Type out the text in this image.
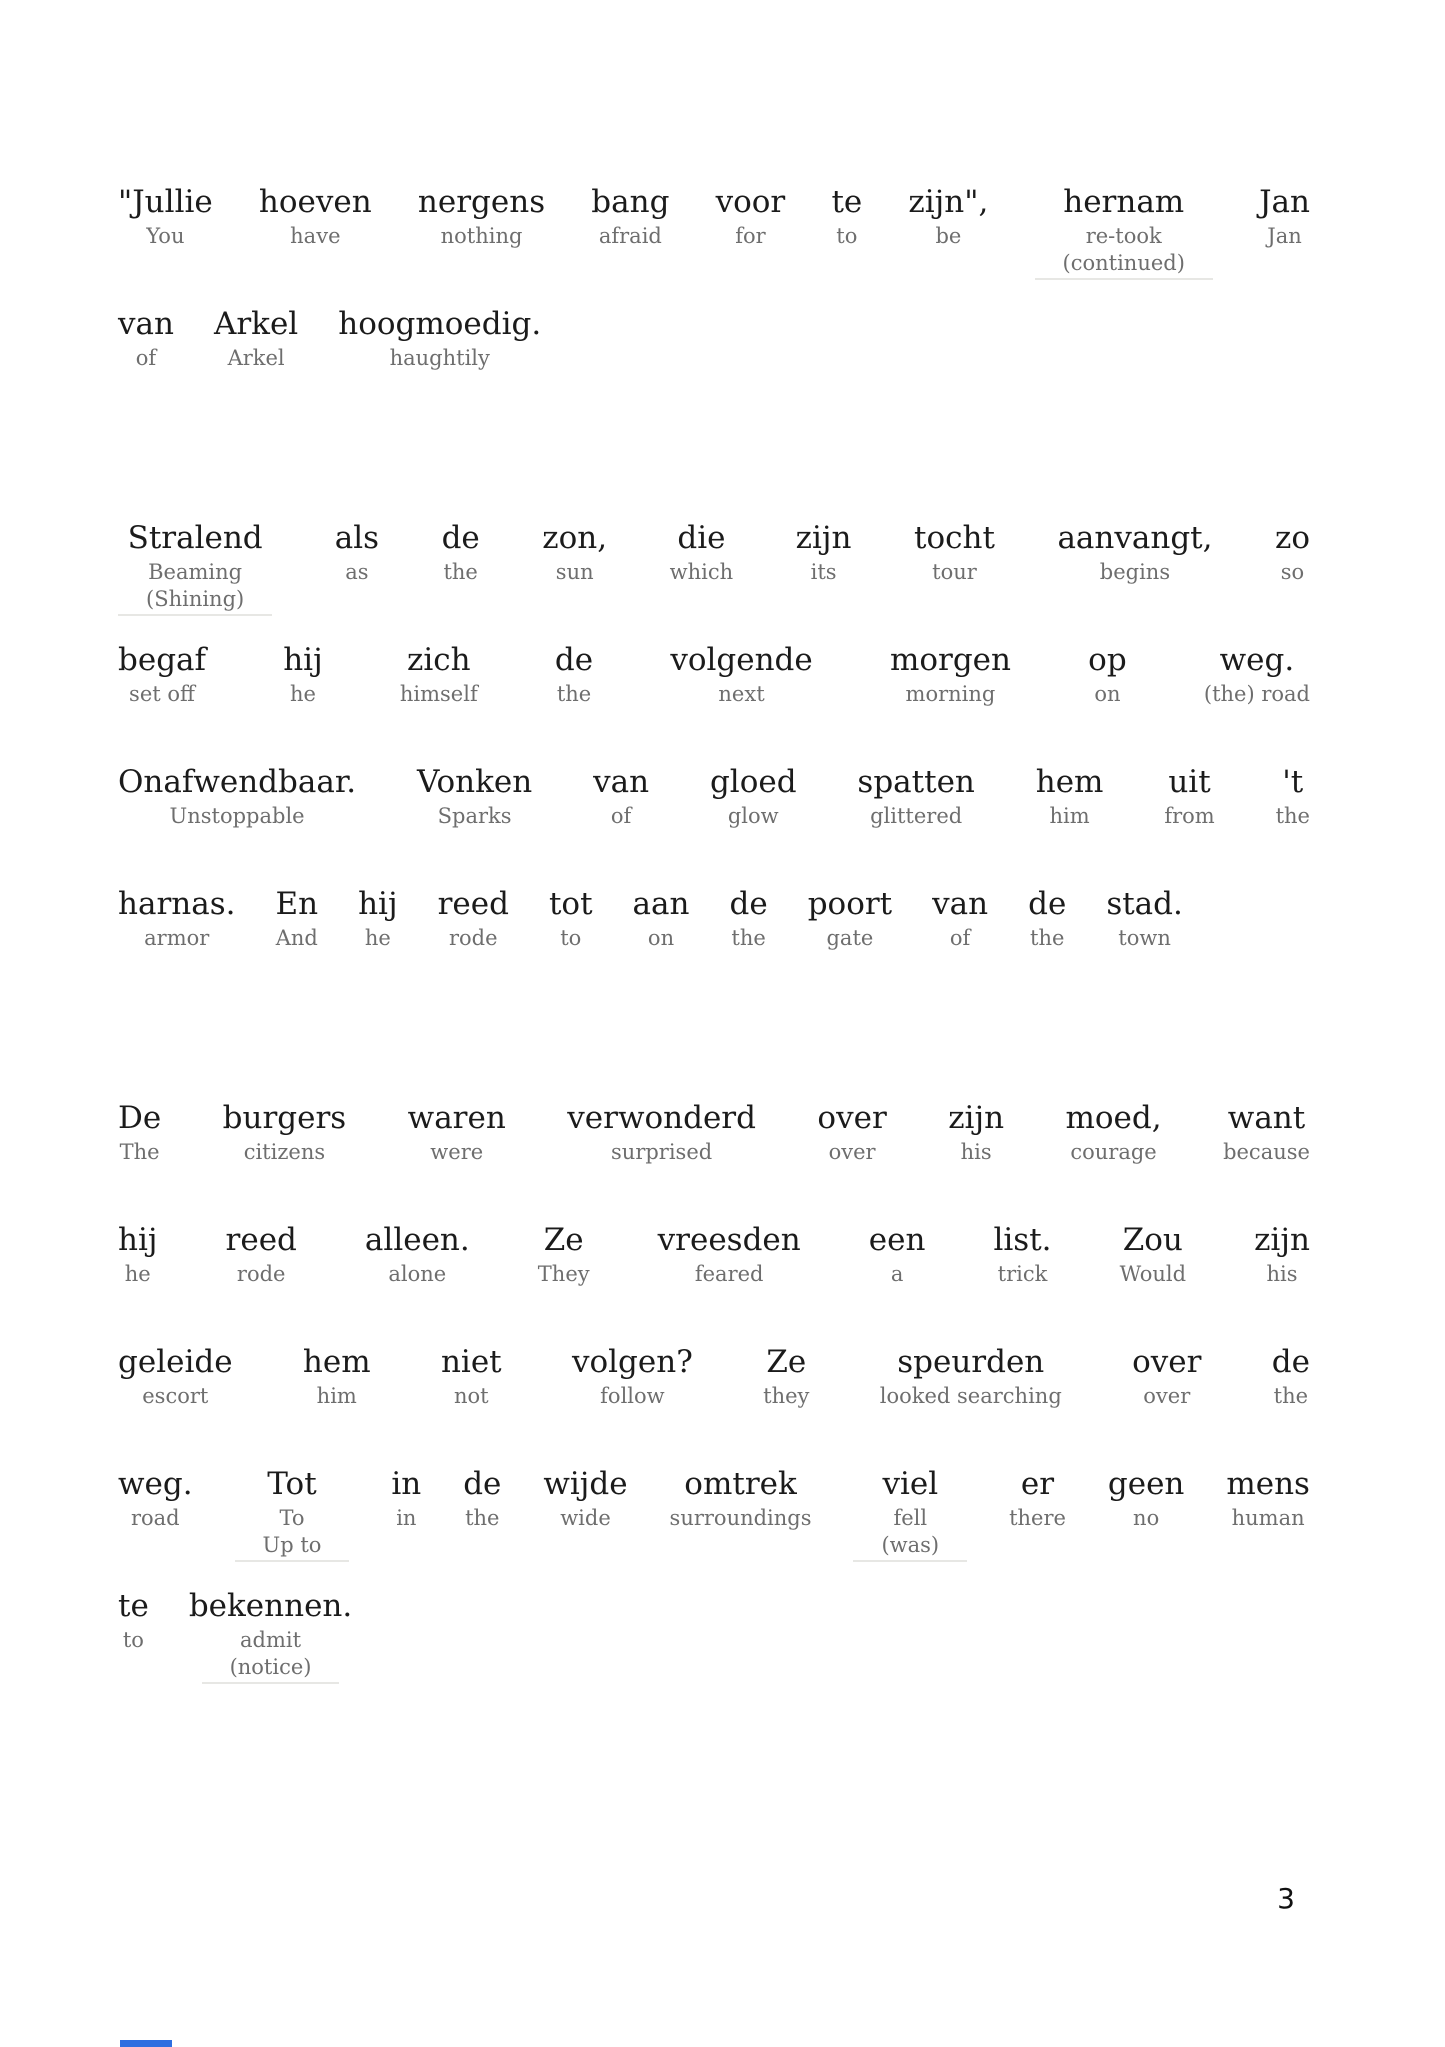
"Jullie
You
hoeven
have
nergens
nothing
bang
afraid
voor
for
te
to
zijn",
be
hernam
re-took
(continued)
Jan
Jan
van
of
Arkel
Arkel
hoogmoedig.
haughtily
Stralend
Beaming
(Shining)
als
as
de
the
zon,
sun
die
which
zijn
its
tocht
tour
aanvangt,
begins
zo
so
begaf
set off
hij
he
zich
himself
de
the
volgende
next
morgen
morning
op
on
weg.
(the) road
Onafwendbaar.
Unstoppable
Vonken
Sparks
van
of
gloed
glow
spatten
glittered
hem
him
uit
from
't
the
harnas.
armor
En
And
hij
he
reed
rode
tot
to
aan
on
de
the
poort
gate
van
of
de
the
stad.
town
De
The
burgers
citizens
waren
were
verwonderd
surprised
over
over
zijn
his
moed,
courage
want
because
hij
he
reed
rode
alleen.
alone
Ze
They
vreesden
feared
een
a
list.
trick
Zou
Would
zijn
his
geleide
escort
hem
him
niet
not
volgen?
follow
Ze
they
speurden
looked searching
over
over
de
the
weg.
road
Tot
To
Up to
in
in
de
the
wijde
wide
omtrek
surroundings
viel
fell
(was)
er
there
geen
no
mens
human
te
to
bekennen.
admit
(notice)
3
